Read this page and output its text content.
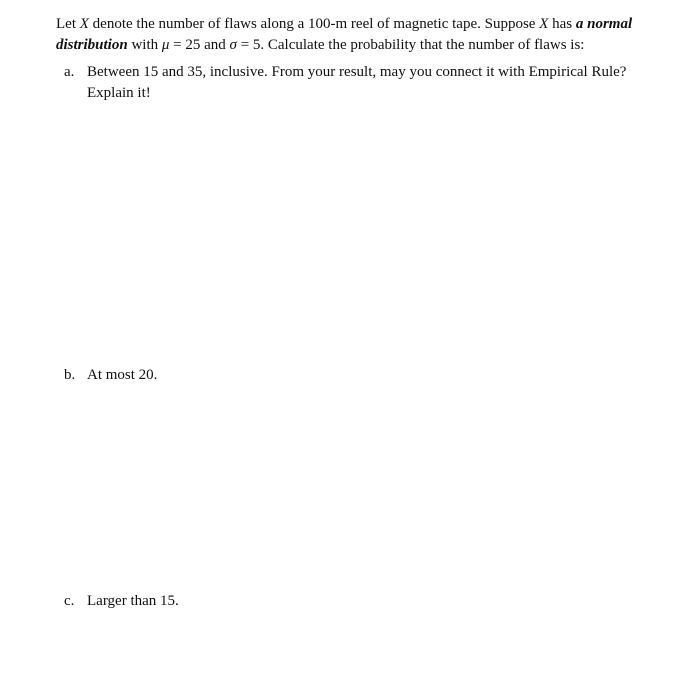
Let X denote the number of flaws along a 100-m reel of magnetic tape. Suppose X has a normal
distribution with μ = 25 and σ = 5. Calculate the probability that the number of flaws is:
a. Between 15 and 35, inclusive. From your result, may you connect it with Empirical Rule?
Explain it!
b. At most 20.
c. Larger than 15.
